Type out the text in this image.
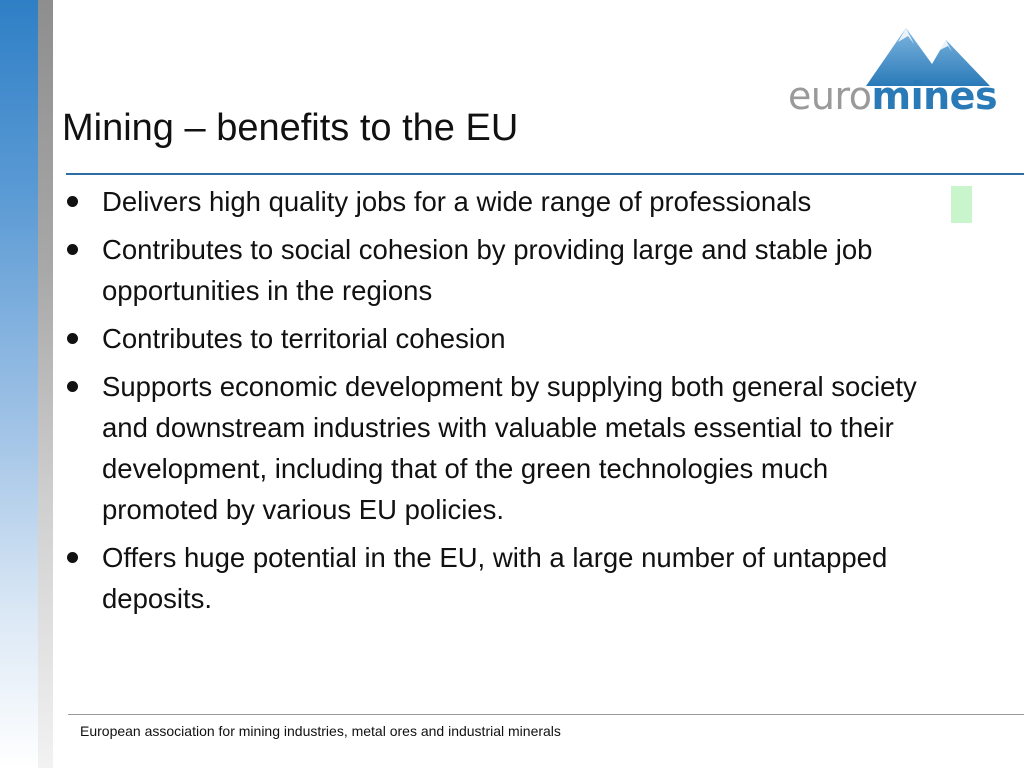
euromines
Mining – benefits to the EU
Delivers high quality jobs for a wide range of professionals
Contributes to social cohesion by providing large and stable job opportunities in the regions
Contributes to territorial cohesion
Supports economic development by supplying both general society and downstream industries with valuable metals essential to their development, including that of the green technologies much promoted by various EU policies.
Offers huge potential in the EU, with a large number of untapped deposits.
European association for mining industries, metal ores and industrial minerals
